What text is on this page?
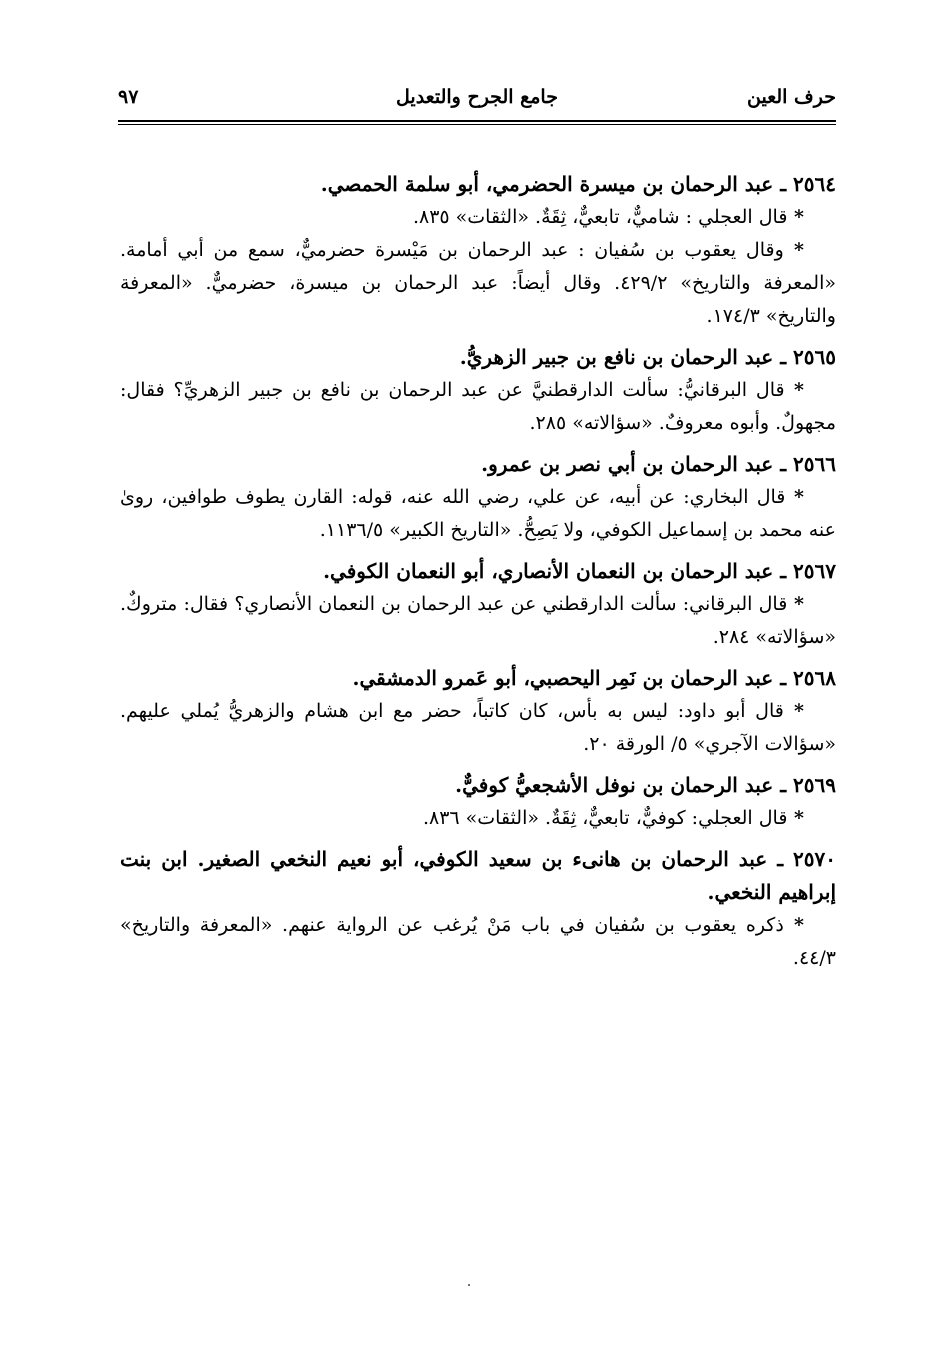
حرف العين
جامع الجرح والتعديل
٩٧

٢٥٦٤ ـ عبد الرحمان بن ميسرة الحضرمي، أبو سلمة الحمصي.

* قال العجلي : شاميٌّ، تابعيٌّ، ثِقَةٌ. «الثقات» ٨٣٥.

* وقال يعقوب بن سُفيان : عبد الرحمان بن مَيْسرة حضرميٌّ، سمع من أبي أمامة. «المعرفة والتاريخ» ٤٢٩/٢. وقال أيضاً: عبد الرحمان بن ميسرة، حضرميٌّ. «المعرفة والتاريخ» ١٧٤/٣.

٢٥٦٥ ـ عبد الرحمان بن نافع بن جبير الزهريُّ.

* قال البرقانيُّ: سألت الدارقطنيَّ عن عبد الرحمان بن نافع بن جبير الزهريِّ؟ فقال: مجهولٌ. وأبوه معروفٌ. «سؤالاته» ٢٨٥.

٢٥٦٦ ـ عبد الرحمان بن أبي نصر بن عمرو.

* قال البخاري: عن أبيه، عن علي، رضي الله عنه، قوله: القارن يطوف طوافين، روىٰ عنه محمد بن إسماعيل الكوفي، ولا يَصِحُّ. «التاريخ الكبير» ١١٣٦/٥.

٢٥٦٧ ـ عبد الرحمان بن النعمان الأنصاري، أبو النعمان الكوفي.

* قال البرقاني: سألت الدارقطني عن عبد الرحمان بن النعمان الأنصاري؟ فقال: متروكٌ. «سؤالاته» ٢٨٤.

٢٥٦٨ ـ عبد الرحمان بن نَمِر اليحصبي، أبو عَمرو الدمشقي.

* قال أبو داود: ليس به بأس، كان كاتباً، حضر مع ابن هشام والزهريُّ يُملي عليهم. «سؤالات الآجري» ٥/ الورقة ٢٠.

٢٥٦٩ ـ عبد الرحمان بن نوفل الأشجعيُّ كوفيٌّ.

* قال العجلي: كوفيٌّ، تابعيٌّ، ثِقَةٌ. «الثقات» ٨٣٦.

٢٥٧٠ ـ عبد الرحمان بن هانىء بن سعيد الكوفي، أبو نعيم النخعي الصغير. ابن بنت إبراهيم النخعي.

* ذكره يعقوب بن سُفيان في باب مَنْ يُرغب عن الرواية عنهم. «المعرفة والتاريخ» ٤٤/٣.
